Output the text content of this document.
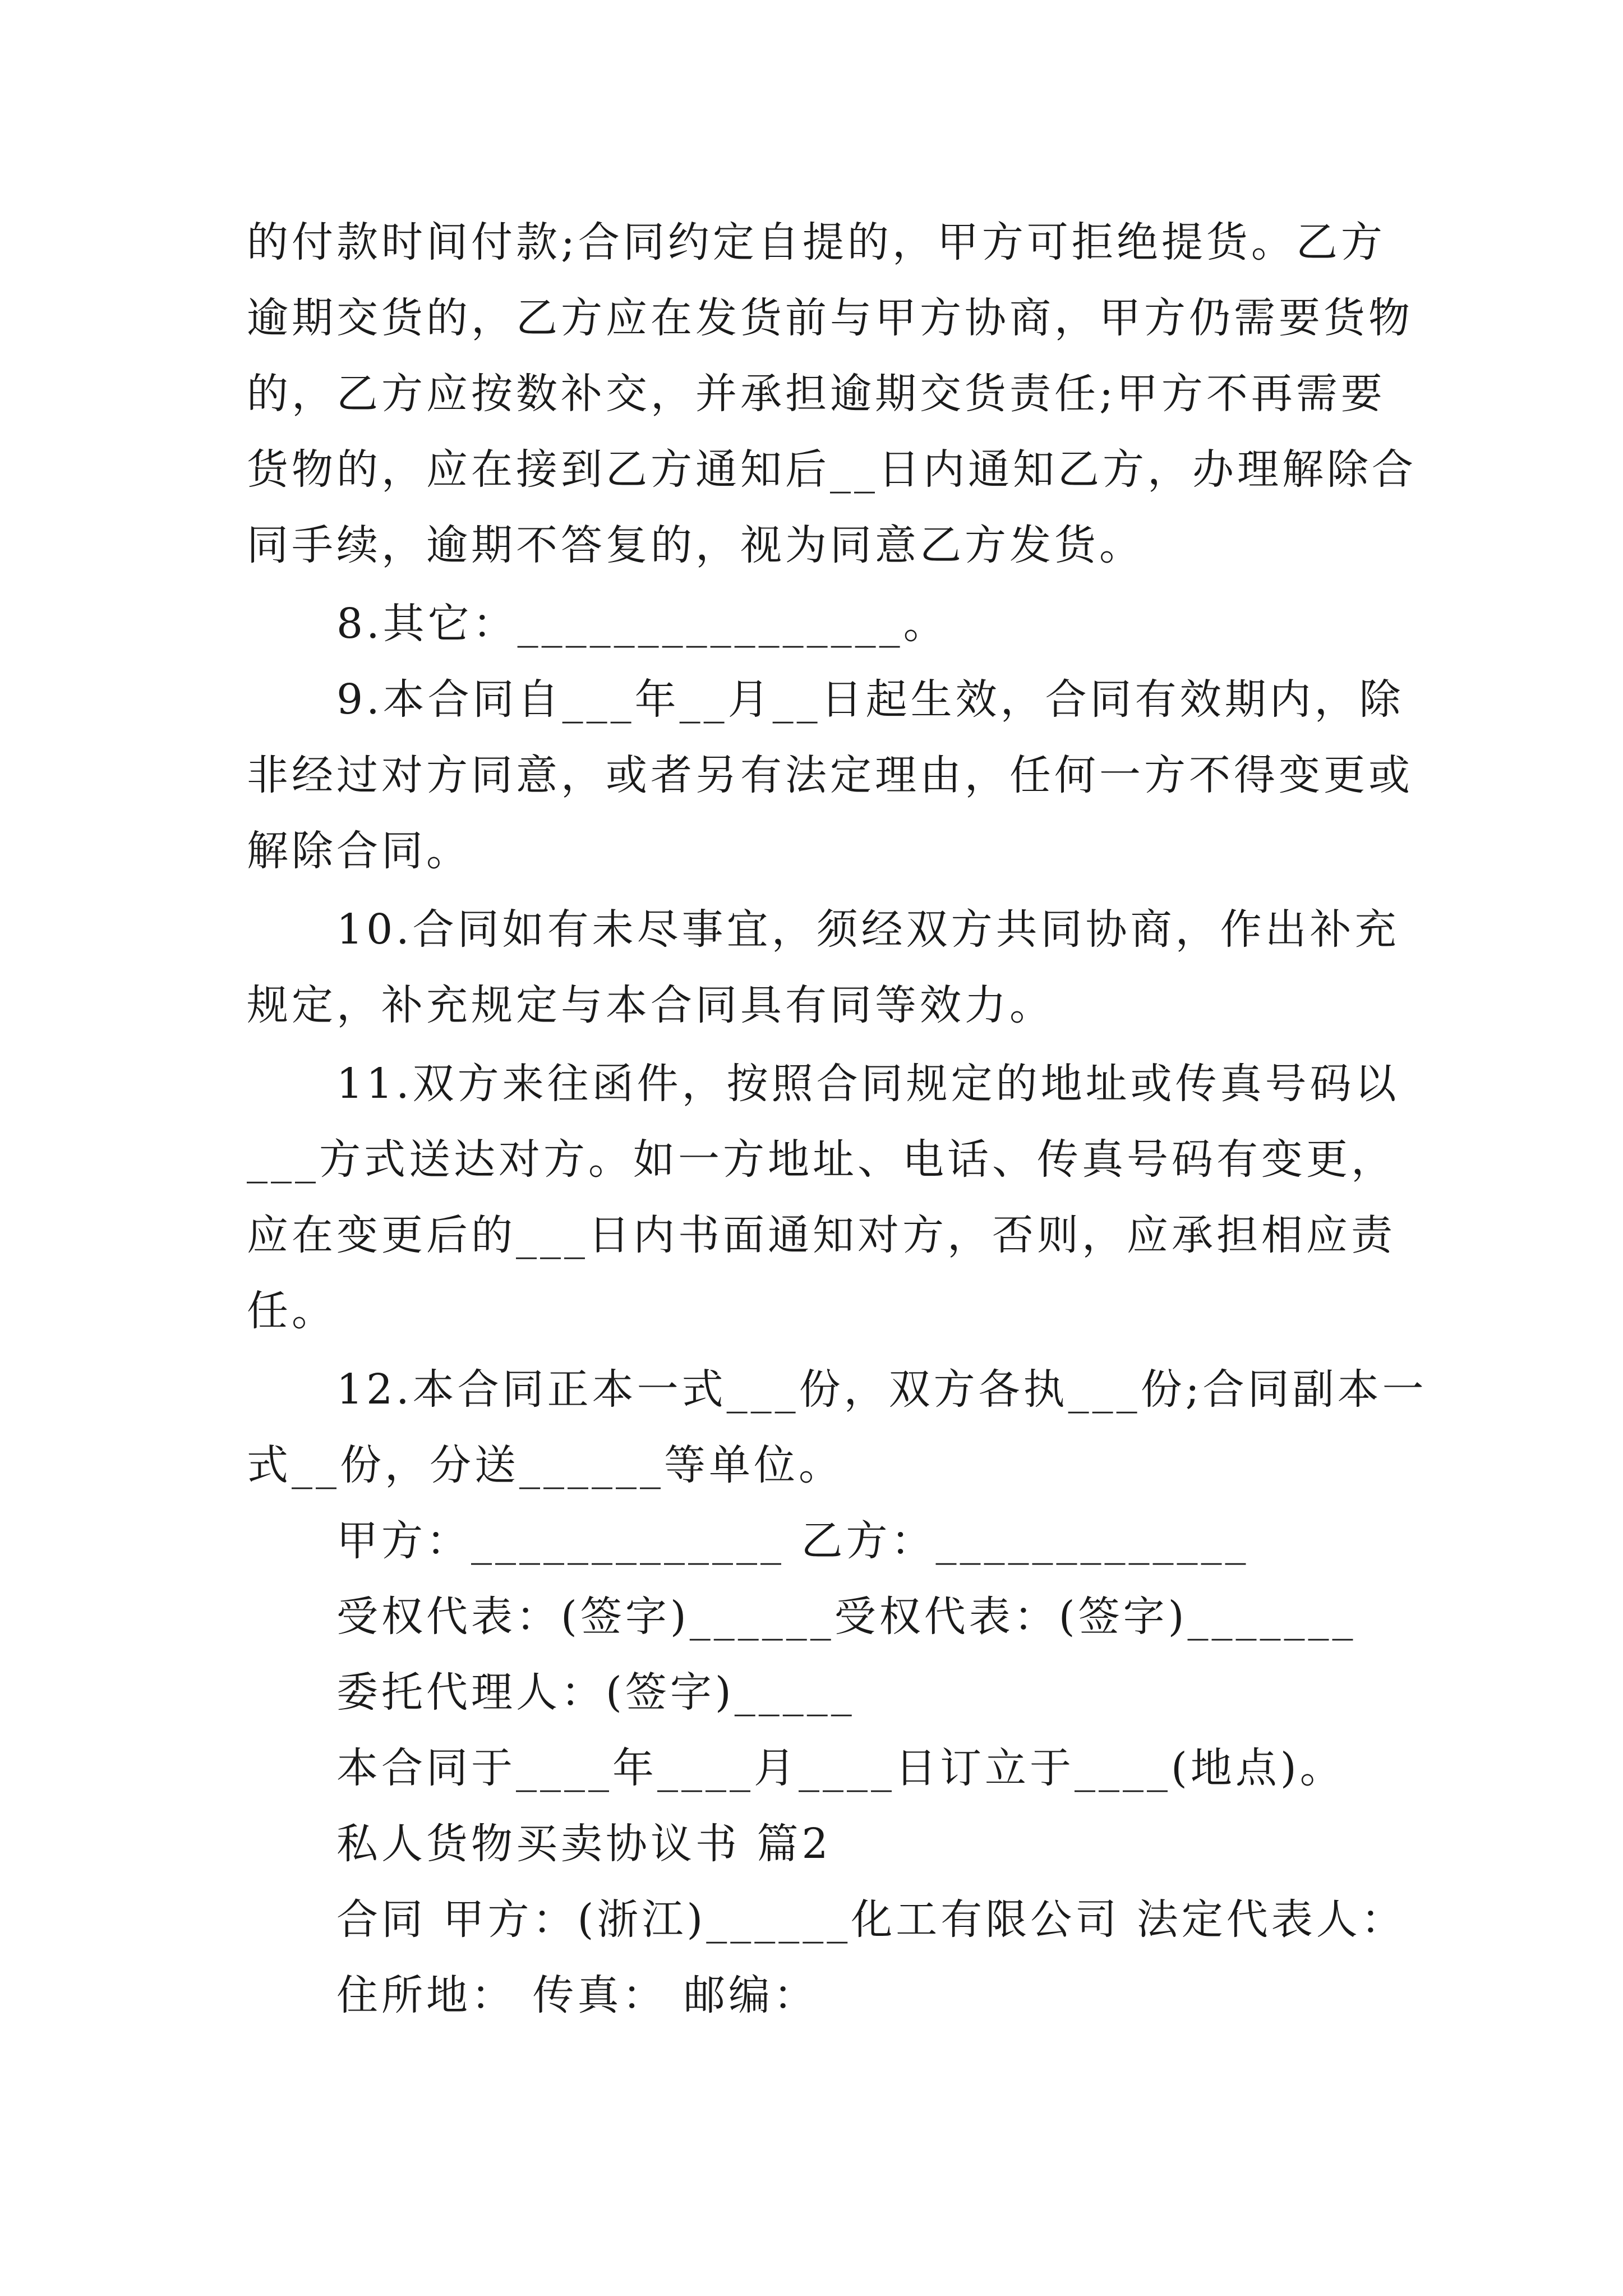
的付款时间付款;合同约定自提的，甲方可拒绝提货。乙方
逾期交货的，乙方应在发货前与甲方协商，甲方仍需要货物
的，乙方应按数补交，并承担逾期交货责任;甲方不再需要
货物的，应在接到乙方通知后__日内通知乙方，办理解除合
同手续，逾期不答复的，视为同意乙方发货。
8.其它：________________。
9.本合同自___年__月__日起生效，合同有效期内，除
非经过对方同意，或者另有法定理由，任何一方不得变更或
解除合同。
10.合同如有未尽事宜，须经双方共同协商，作出补充
规定，补充规定与本合同具有同等效力。
11.双方来往函件，按照合同规定的地址或传真号码以
___方式送达对方。如一方地址、电话、传真号码有变更，
应在变更后的___日内书面通知对方，否则，应承担相应责
任。
12.本合同正本一式___份，双方各执___份;合同副本一
式__份，分送______等单位。
甲方：_____________ 乙方：_____________
受权代表：(签字)______受权代表：(签字)_______
委托代理人：(签字)_____
本合同于____年____月____日订立于____(地点)。
私人货物买卖协议书 篇2
合同 甲方：(浙江)______化工有限公司 法定代表人：
住所地： 传真： 邮编：
